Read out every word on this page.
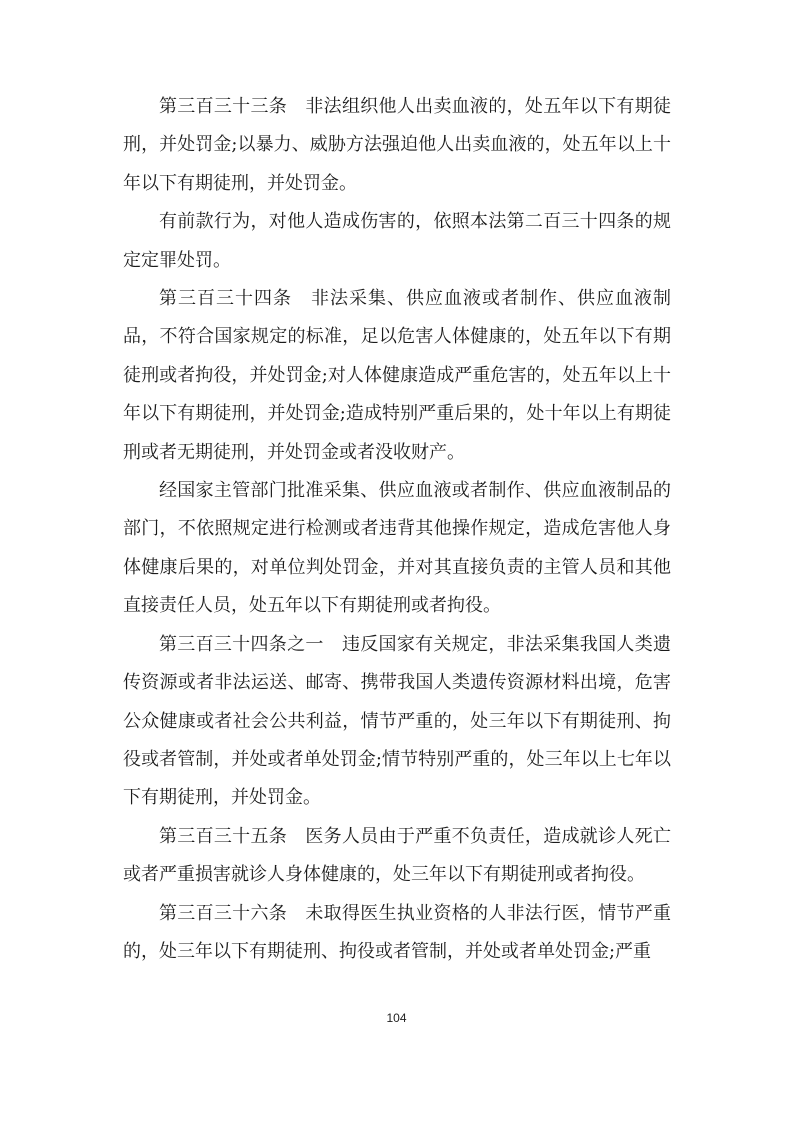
第三百三十三条　非法组织他人出卖血液的，处五年以下有期徒刑，并处罚金;以暴力、威胁方法强迫他人出卖血液的，处五年以上十年以下有期徒刑，并处罚金。

有前款行为，对他人造成伤害的，依照本法第二百三十四条的规定定罪处罚。

第三百三十四条　非法采集、供应血液或者制作、供应血液制品，不符合国家规定的标准，足以危害人体健康的，处五年以下有期徒刑或者拘役，并处罚金;对人体健康造成严重危害的，处五年以上十年以下有期徒刑，并处罚金;造成特别严重后果的，处十年以上有期徒刑或者无期徒刑，并处罚金或者没收财产。

经国家主管部门批准采集、供应血液或者制作、供应血液制品的部门，不依照规定进行检测或者违背其他操作规定，造成危害他人身体健康后果的，对单位判处罚金，并对其直接负责的主管人员和其他直接责任人员，处五年以下有期徒刑或者拘役。

第三百三十四条之一　违反国家有关规定，非法采集我国人类遗传资源或者非法运送、邮寄、携带我国人类遗传资源材料出境，危害公众健康或者社会公共利益，情节严重的，处三年以下有期徒刑、拘役或者管制，并处或者单处罚金;情节特别严重的，处三年以上七年以下有期徒刑，并处罚金。

第三百三十五条　医务人员由于严重不负责任，造成就诊人死亡或者严重损害就诊人身体健康的，处三年以下有期徒刑或者拘役。

第三百三十六条　未取得医生执业资格的人非法行医，情节严重的，处三年以下有期徒刑、拘役或者管制，并处或者单处罚金;严重

104
